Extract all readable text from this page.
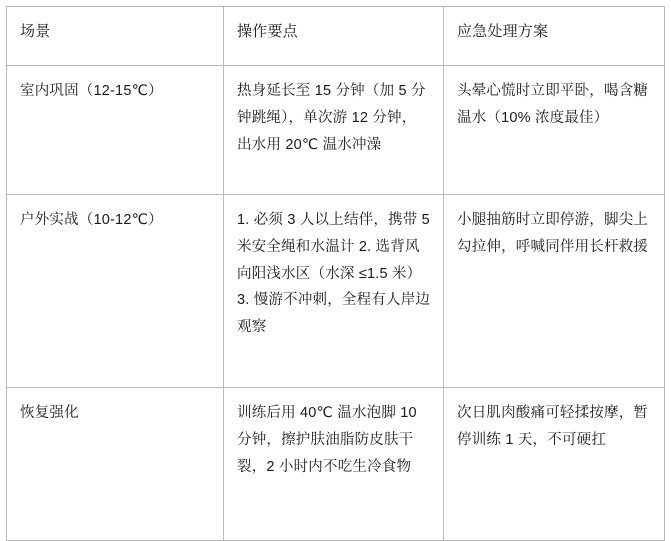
场景	操作要点	应急处理方案

室内巩固（12-15℃）	热身延长至 15 分钟（加 5 分钟跳绳），单次游 12 分钟，出水用 20℃ 温水冲澡	头晕心慌时立即平卧，喝含糖温水（10% 浓度最佳）

户外实战（10-12℃）	1. 必须 3 人以上结伴，携带 5 米安全绳和水温计 2. 选背风向阳浅水区（水深 ≤1.5 米）3. 慢游不冲刺，全程有人岸边观察	小腿抽筋时立即停游，脚尖上勾拉伸，呼喊同伴用长杆救援

恢复强化	训练后用 40℃ 温水泡脚 10 分钟，擦护肤油脂防皮肤干裂，2 小时内不吃生冷食物	次日肌肉酸痛可轻揉按摩，暂停训练 1 天，不可硬扛
